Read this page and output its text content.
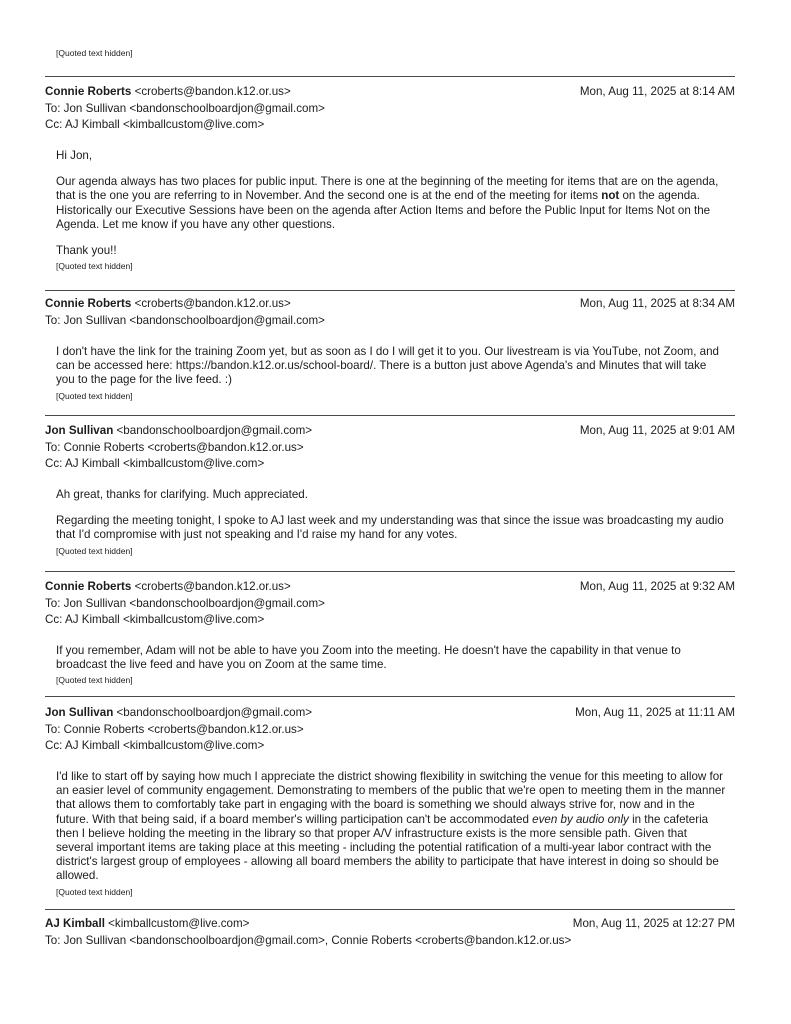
[Quoted text hidden]
Connie Roberts <croberts@bandon.k12.or.us>	Mon, Aug 11, 2025 at 8:14 AM
To: Jon Sullivan <bandonschoolboardjon@gmail.com>
Cc: AJ Kimball <kimballcustom@live.com>

Hi Jon,

Our agenda always has two places for public input. There is one at the beginning of the meeting for items that are on the agenda, that is the one you are referring to in November. And the second one is at the end of the meeting for items not on the agenda. Historically our Executive Sessions have been on the agenda after Action Items and before the Public Input for Items Not on the Agenda. Let me know if you have any other questions.

Thank you!!

[Quoted text hidden]
Connie Roberts <croberts@bandon.k12.or.us>	Mon, Aug 11, 2025 at 8:34 AM
To: Jon Sullivan <bandonschoolboardjon@gmail.com>

I don't have the link for the training Zoom yet, but as soon as I do I will get it to you. Our livestream is via YouTube, not Zoom, and can be accessed here: https://bandon.k12.or.us/school-board/. There is a button just above Agenda's and Minutes that will take you to the page for the live feed. :)

[Quoted text hidden]
Jon Sullivan <bandonschoolboardjon@gmail.com>	Mon, Aug 11, 2025 at 9:01 AM
To: Connie Roberts <croberts@bandon.k12.or.us>
Cc: AJ Kimball <kimballcustom@live.com>

Ah great, thanks for clarifying. Much appreciated.

Regarding the meeting tonight, I spoke to AJ last week and my understanding was that since the issue was broadcasting my audio that I'd compromise with just not speaking and I'd raise my hand for any votes.

[Quoted text hidden]
Connie Roberts <croberts@bandon.k12.or.us>	Mon, Aug 11, 2025 at 9:32 AM
To: Jon Sullivan <bandonschoolboardjon@gmail.com>
Cc: AJ Kimball <kimballcustom@live.com>

If you remember, Adam will not be able to have you Zoom into the meeting. He doesn't have the capability in that venue to broadcast the live feed and have you on Zoom at the same time.

[Quoted text hidden]
Jon Sullivan <bandonschoolboardjon@gmail.com>	Mon, Aug 11, 2025 at 11:11 AM
To: Connie Roberts <croberts@bandon.k12.or.us>
Cc: AJ Kimball <kimballcustom@live.com>

I'd like to start off by saying how much I appreciate the district showing flexibility in switching the venue for this meeting to allow for an easier level of community engagement. Demonstrating to members of the public that we're open to meeting them in the manner that allows them to comfortably take part in engaging with the board is something we should always strive for, now and in the future. With that being said, if a board member's willing participation can't be accommodated even by audio only in the cafeteria then I believe holding the meeting in the library so that proper A/V infrastructure exists is the more sensible path. Given that several important items are taking place at this meeting - including the potential ratification of a multi-year labor contract with the district's largest group of employees - allowing all board members the ability to participate that have interest in doing so should be allowed.

[Quoted text hidden]
AJ Kimball <kimballcustom@live.com>	Mon, Aug 11, 2025 at 12:27 PM
To: Jon Sullivan <bandonschoolboardjon@gmail.com>, Connie Roberts <croberts@bandon.k12.or.us>
